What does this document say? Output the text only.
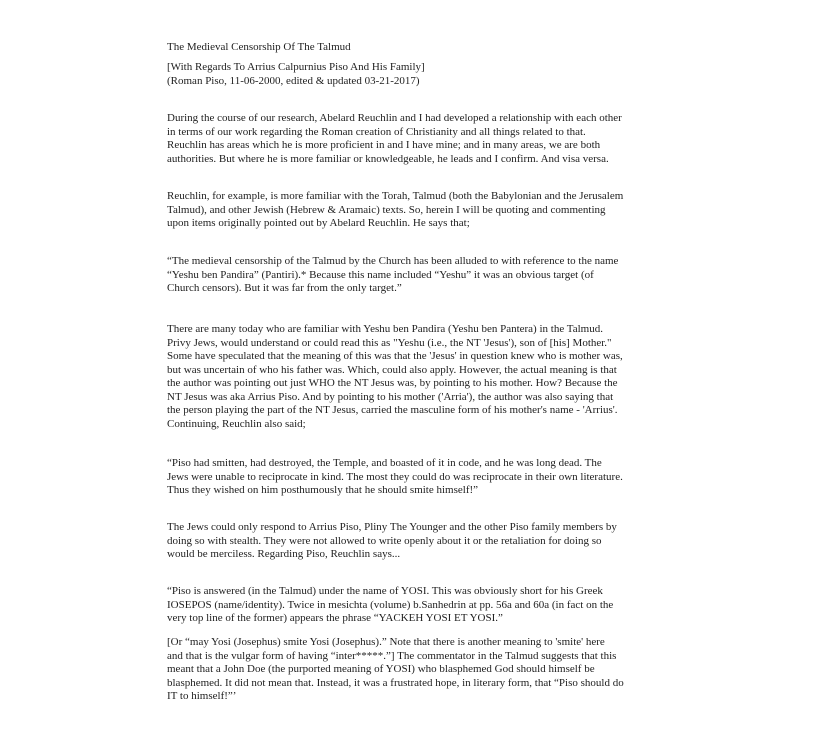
The Medieval Censorship Of The Talmud
[With Regards To Arrius Calpurnius Piso And His Family]
(Roman Piso, 11-06-2000, edited & updated 03-21-2017)
During the course of our research, Abelard Reuchlin and I had developed a relationship with each other
in terms of our work regarding the Roman creation of Christianity and all things related to that.
Reuchlin has areas which he is more proficient in and I have mine; and in many areas, we are both
authorities. But where he is more familiar or knowledgeable, he leads and I confirm. And visa versa.
Reuchlin, for example, is more familiar with the Torah, Talmud (both the Babylonian and the Jerusalem
Talmud), and other Jewish (Hebrew & Aramaic) texts. So, herein I will be quoting and commenting
upon items originally pointed out by Abelard Reuchlin. He says that;
“The medieval censorship of the Talmud by the Church has been alluded to with reference to the name
“Yeshu ben Pandira” (Pantiri).* Because this name included “Yeshu” it was an obvious target (of
Church censors). But it was far from the only target.”
There are many today who are familiar with Yeshu ben Pandira (Yeshu ben Pantera) in the Talmud.
Privy Jews, would understand or could read this as "Yeshu (i.e., the NT 'Jesus'), son of [his] Mother."
Some have speculated that the meaning of this was that the 'Jesus' in question knew who is mother was,
but was uncertain of who his father was. Which, could also apply. However, the actual meaning is that
the author was pointing out just WHO the NT Jesus was, by pointing to his mother. How? Because the
NT Jesus was aka Arrius Piso. And by pointing to his mother ('Arria'), the author was also saying that
the person playing the part of the NT Jesus, carried the masculine form of his mother's name - 'Arrius'.
Continuing, Reuchlin also said;
“Piso had smitten, had destroyed, the Temple, and boasted of it in code, and he was long dead. The
Jews were unable to reciprocate in kind. The most they could do was reciprocate in their own literature.
Thus they wished on him posthumously that he should smite himself!”
The Jews could only respond to Arrius Piso, Pliny The Younger and the other Piso family members by
doing so with stealth. They were not allowed to write openly about it or the retaliation for doing so
would be merciless. Regarding Piso, Reuchlin says...
“Piso is answered (in the Talmud) under the name of YOSI. This was obviously short for his Greek
IOSEPOS (name/identity). Twice in mesichta (volume) b.Sanhedrin at pp. 56a and 60a (in fact on the
very top line of the former) appears the phrase “YACKEH YOSI ET YOSI.”
[Or “may Yosi (Josephus) smite Yosi (Josephus).” Note that there is another meaning to 'smite' here
and that is the vulgar form of having “inter*****.”] The commentator in the Talmud suggests that this
meant that a John Doe (the purported meaning of YOSI) who blasphemed God should himself be
blasphemed. It did not mean that. Instead, it was a frustrated hope, in literary form, that “Piso should do
IT to himself!”’
